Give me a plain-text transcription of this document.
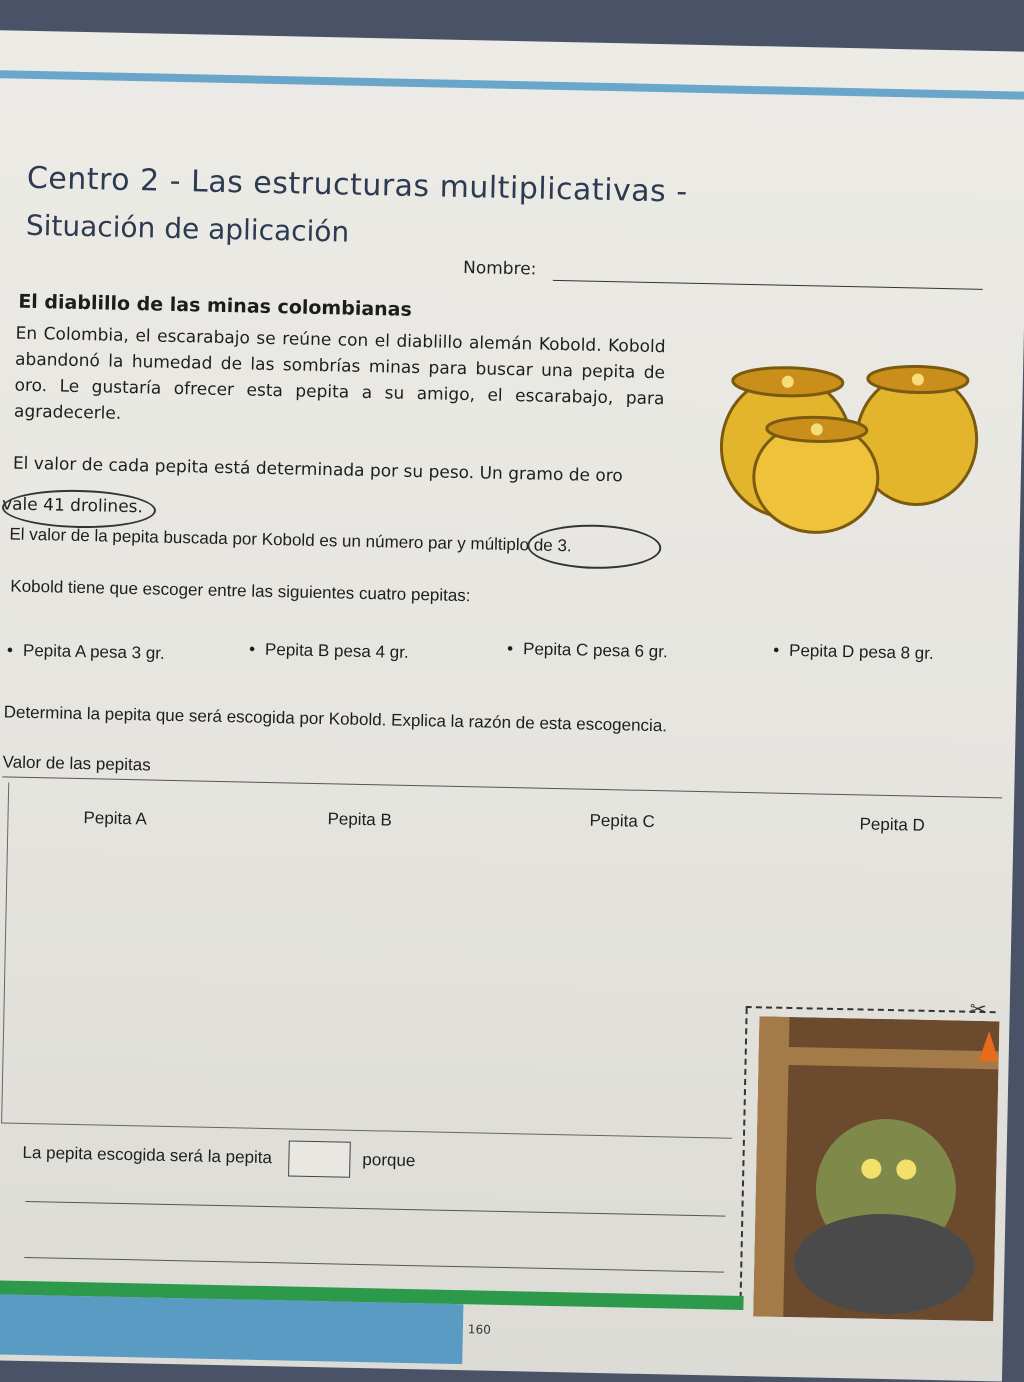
Centro 2 - Las estructuras multiplicativas -
Situación de aplicación
Nombre:
El diablillo de las minas colombianas
En Colombia, el escarabajo se reúne con el diablillo alemán Kobold. Kobold abandonó la humedad de las sombrías minas para buscar una pepita de oro. Le gustaría ofrecer esta pepita a su amigo, el escarabajo, para agradecerle.
El valor de cada pepita está determinada por su peso. Un gramo de oro
vale 41 drolines.
El valor de la pepita buscada por Kobold es un número par y múltiplo de 3.
Kobold tiene que escoger entre las siguientes cuatro pepitas:
• Pepita A pesa 3 gr.	• Pepita B pesa 4 gr.	• Pepita C pesa 6 gr.	• Pepita D pesa 8 gr.
Determina la pepita que será escogida por Kobold. Explica la razón de esta escogencia.
Valor de las pepitas
Pepita A	Pepita B	Pepita C	Pepita D
La pepita escogida será la pepita	porque
✂
160
